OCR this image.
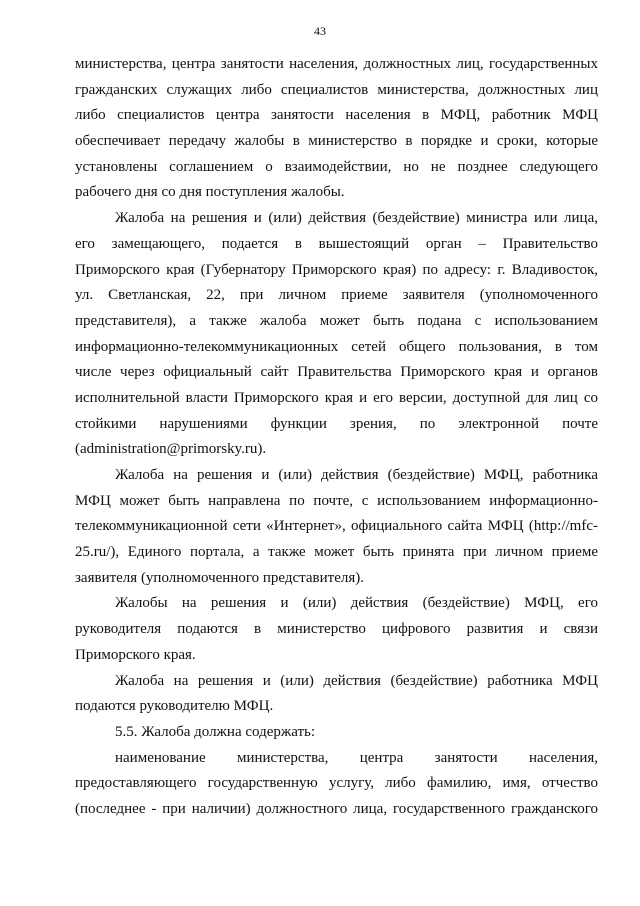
43
министерства, центра занятости населения, должностных лиц, государственных
гражданских служащих либо специалистов министерства, должностных лиц
либо специалистов центра занятости населения в МФЦ, работник МФЦ
обеспечивает передачу жалобы в министерство в порядке и сроки, которые
установлены соглашением о взаимодействии, но не позднее следующего
рабочего дня со дня поступления жалобы.
Жалоба на решения и (или) действия (бездействие) министра или лица,
его замещающего, подается в вышестоящий орган – Правительство
Приморского края (Губернатору Приморского края) по адресу: г. Владивосток,
ул. Светланская, 22, при личном приеме заявителя (уполномоченного
представителя), а также жалоба может быть подана с использованием
информационно-телекоммуникационных сетей общего пользования, в том
числе через официальный сайт Правительства Приморского края и органов
исполнительной власти Приморского края и его версии, доступной для лиц со
стойкими нарушениями функции зрения, по электронной почте
(administration@primorsky.ru).
Жалоба на решения и (или) действия (бездействие) МФЦ, работника
МФЦ может быть направлена по почте, с использованием информационно-
телекоммуникационной сети «Интернет», официального сайта МФЦ (http://mfc-
25.ru/), Единого портала, а также может быть принята при личном приеме
заявителя (уполномоченного представителя).
Жалобы на решения и (или) действия (бездействие) МФЦ, его
руководителя подаются в министерство цифрового развития и связи
Приморского края.
Жалоба на решения и (или) действия (бездействие) работника МФЦ
подаются руководителю МФЦ.
5.5. Жалоба должна содержать:
наименование министерства, центра занятости населения,
предоставляющего государственную услугу, либо фамилию, имя, отчество
(последнее - при наличии) должностного лица, государственного гражданского
